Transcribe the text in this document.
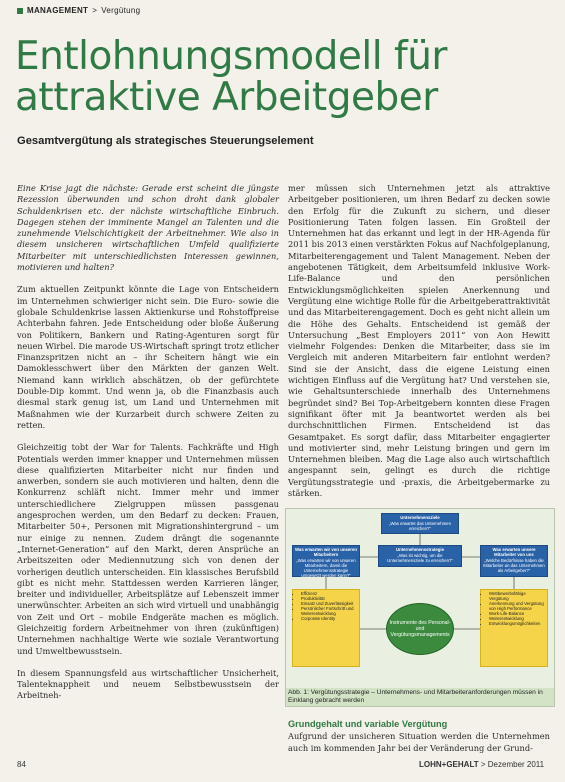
MANAGEMENT > Vergütung
Entlohnungsmodell für attraktive Arbeitgeber
Gesamtvergütung als strategisches Steuerungselement

Eine Krise jagt die nächste: Gerade erst scheint die jüngste Rezession überwunden und schon droht dank globaler Schuldenkrisen etc. der nächste wirtschaftliche Einbruch. Dagegen stehen der imminente Mangel an Talenten und die zunehmende Vielschichtigkeit der Arbeitnehmer. Wie also in diesem unsicheren wirtschaftlichen Umfeld qualifizierte Mitarbeiter mit unterschiedlichsten Interessen gewinnen, motivieren und halten?

Zum aktuellen Zeitpunkt könnte die Lage von Entscheidern im Unternehmen schwieriger nicht sein. Die Euro- sowie die globale Schuldenkrise lassen Aktienkurse und Rohstoffpreise Achterbahn fahren. Jede Entscheidung oder bloße Äußerung von Politikern, Bankern und Rating-Agenturen sorgt für neuen Wirbel. Die marode US-Wirtschaft springt trotz etlicher Finanzspritzen nicht an – ihr Scheitern hängt wie ein Damoklesschwert über den Märkten der ganzen Welt. Niemand kann wirklich abschätzen, ob der gefürchtete Double-Dip kommt. Und wenn ja, ob die Finanzbasis auch diesmal stark genug ist, um Land und Unternehmen mit Maßnahmen wie der Kurzarbeit durch schwere Zeiten zu retten.

Gleichzeitig tobt der War for Talents. Fachkräfte und High Potentials werden immer knapper und Unternehmen müssen diese qualifizierten Mitarbeiter nicht nur finden und anwerben, sondern sie auch motivieren und halten, denn die Konkurrenz schläft nicht. Immer mehr und immer unterschiedlichere Zielgruppen müssen passgenau angesprochen werden, um den Bedarf zu decken: Frauen, Mitarbeiter 50+, Personen mit Migrationshintergrund – um nur einige zu nennen. Zudem drängt die sogenannte „Internet-Generation“ auf den Markt, deren Ansprüche an Arbeitszeiten oder Mediennutzung sich von denen der vorherigen deutlich unterscheiden. Ein klassisches Berufsbild gibt es nicht mehr. Stattdessen werden Karrieren länger, breiter und individueller, Arbeitsplätze auf Lebenszeit immer unerwünschter. Arbeiten an sich wird virtuell und unabhängig von Zeit und Ort – mobile Endgeräte machen es möglich. Gleichzeitig fordern Arbeitnehmer von ihren (zukünftigen) Unternehmen nachhaltige Werte wie soziale Verantwortung und Umweltbewusstsein.

In diesem Spannungsfeld aus wirtschaftlicher Unsicherheit, Talenteknappheit und neuem Selbstbewusstsein der Arbeitneh-

mer müssen sich Unternehmen jetzt als attraktive Arbeitgeber positionieren, um ihren Bedarf zu decken sowie den Erfolg für die Zukunft zu sichern, und dieser Positionierung Taten folgen lassen. Ein Großteil der Unternehmen hat das erkannt und legt in der HR-Agenda für 2011 bis 2013 einen verstärkten Fokus auf Nachfolgeplanung, Mitarbeiterengagement und Talent Management. Neben der angebotenen Tätigkeit, dem Arbeitsumfeld inklusive Work-Life-Balance und den persönlichen Entwicklungsmöglichkeiten spielen Anerkennung und Vergütung eine wichtige Rolle für die Arbeitgeberattraktivität und das Mitarbeiterengagement. Doch es geht nicht allein um die Höhe des Gehalts. Entscheidend ist gemäß der Untersuchung „Best Employers 2011“ von Aon Hewitt vielmehr Folgendes: Denken die Mitarbeiter, dass sie im Vergleich mit anderen Mitarbeitern fair entlohnt werden? Sind sie der Ansicht, dass die eigene Leistung einen wichtigen Einfluss auf die Vergütung hat? Und verstehen sie, wie Gehaltsunterschiede innerhalb des Unternehmens begründet sind? Bei Top-Arbeitgebern konnten diese Fragen signifikant öfter mit Ja beantwortet werden als bei durchschnittlichen Firmen. Entscheidend ist das Gesamtpaket. Es sorgt dafür, dass Mitarbeiter engagierter und motivierter sind, mehr Leistung bringen und gern im Unternehmen bleiben. Mag die Lage also auch wirtschaftlich angespannt sein, gelingt es durch die richtige Vergütungsstrategie und -praxis, die Arbeitgebermarke zu stärken.

Unternehmensziele
„Was erwartet das Unternehmen erreichen?“
Unternehmensstrategie
„Was ist wichtig, um die Unternehmensziele zu erreichen?“
Was erwarten wir von unseren Mitarbeitern
„Was erwarten wir von unseren Mitarbeitern, damit die Unternehmensstrategie umgesetzt werden kann?“
Was erwarten unsere Mitarbeiter von uns
„Welche Bedürfnisse haben die Mitarbeiter an das Unternehmen als Arbeitgeber?“
• Effizienz
• Produktivität
• Einsatz und Zuverlässigkeit
• Persönlicher Fortschritt und Weiterentwicklung
• Corporate Identity
Instrumente des Personal- und Vergütungsmanagements
• Wettbewerbsfähige Vergütung
• Anerkennung und Vergütung von High Performance
• Work-Life-Balance
• Weiterentwicklung
• Entwicklungsmöglichkeiten
Abb. 1: Vergütungsstrategie – Unternehmens- und Mitarbeiteranforderungen müssen in Einklang gebracht werden
Grundgehalt und variable Vergütung
Aufgrund der unsicheren Situation werden die Unternehmen auch im kommenden Jahr bei der Veränderung der Grund-
84	LOHN+GEHALT > Dezember 2011
